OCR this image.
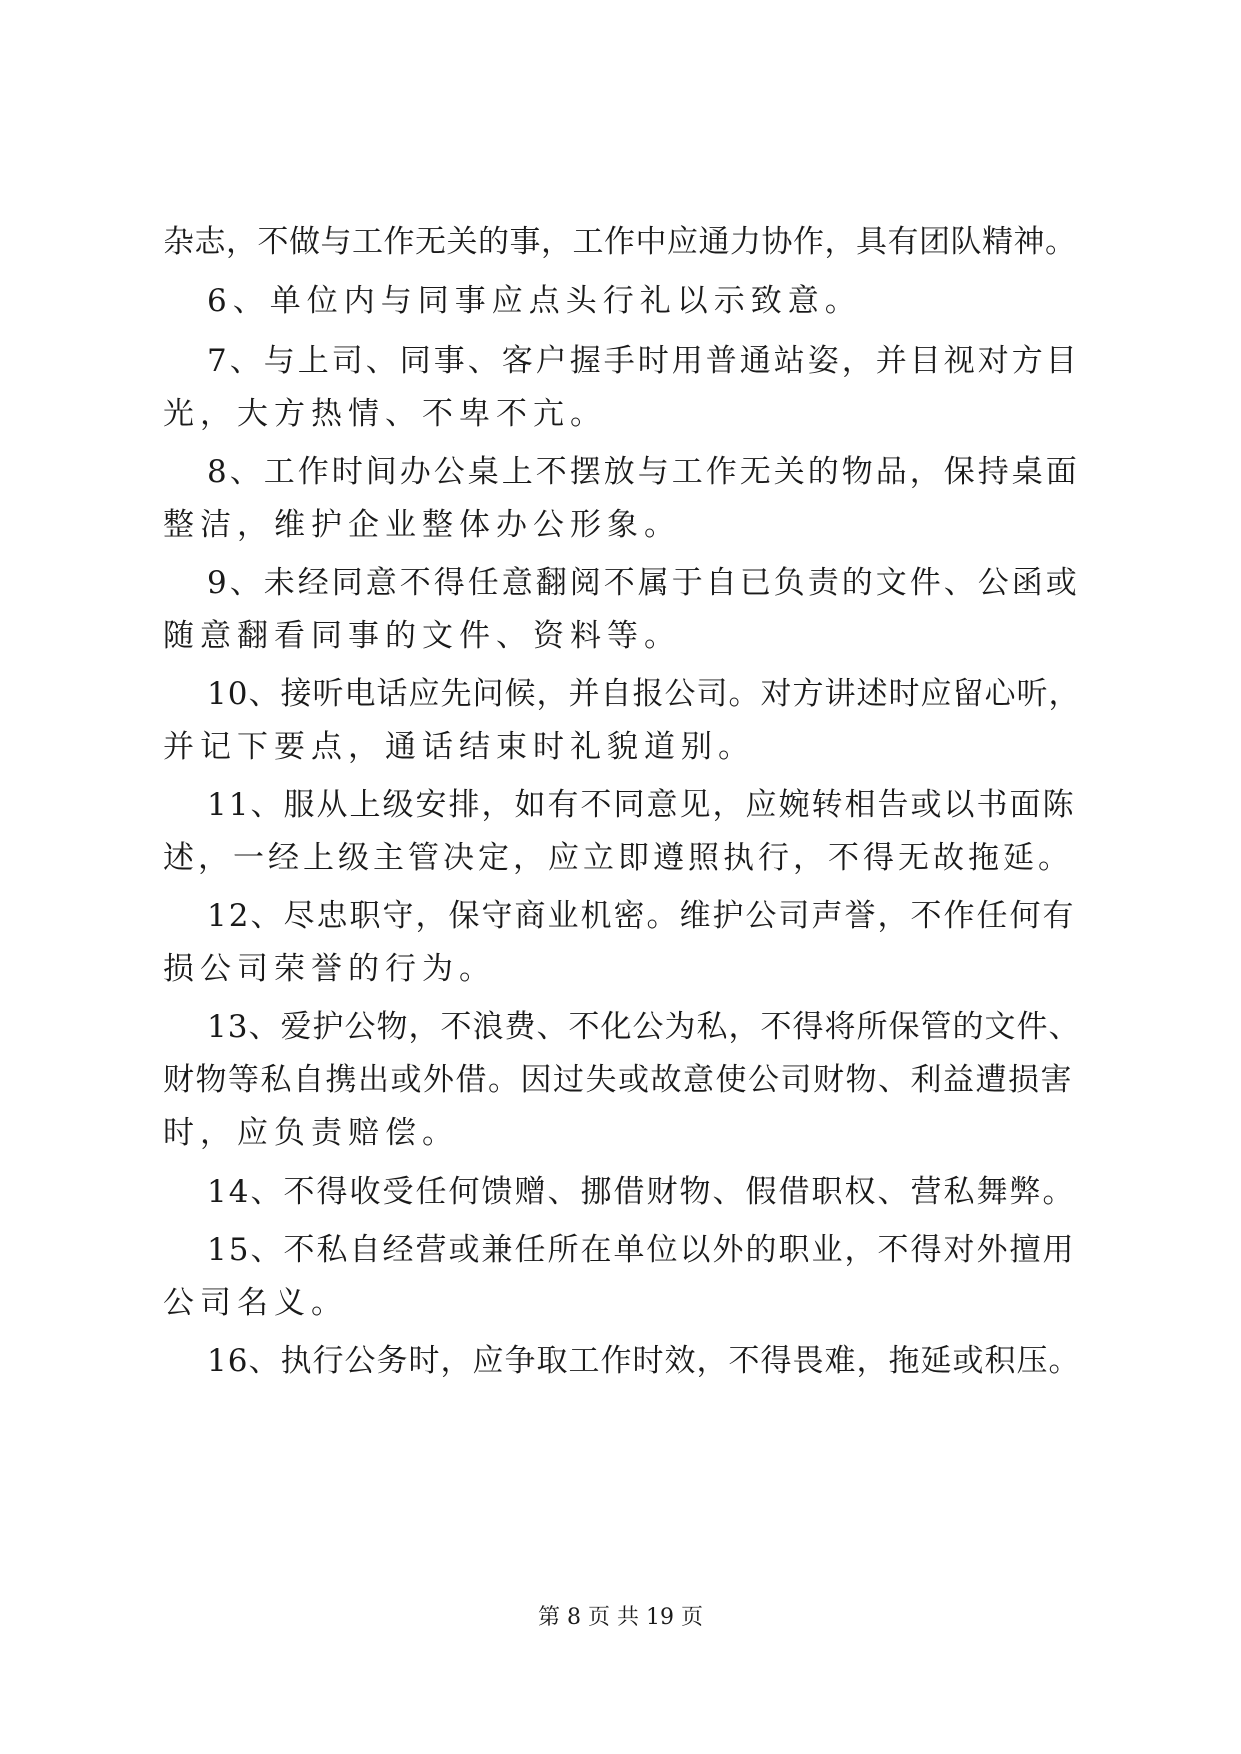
杂志，不做与工作无关的事，工作中应通力协作，具有团队精神。
6、单位内与同事应点头行礼以示致意。
7、与上司、同事、客户握手时用普通站姿，并目视对方目
光，大方热情、不卑不亢。
8、工作时间办公桌上不摆放与工作无关的物品，保持桌面
整洁，维护企业整体办公形象。
9、未经同意不得任意翻阅不属于自已负责的文件、公函或
随意翻看同事的文件、资料等。
10、接听电话应先问候，并自报公司。对方讲述时应留心听，
并记下要点，通话结束时礼貌道别。
11、服从上级安排，如有不同意见，应婉转相告或以书面陈
述，一经上级主管决定，应立即遵照执行，不得无故拖延。
12、尽忠职守，保守商业机密。维护公司声誉，不作任何有
损公司荣誉的行为。
13、爱护公物，不浪费、不化公为私，不得将所保管的文件、
财物等私自携出或外借。因过失或故意使公司财物、利益遭损害
时，应负责赔偿。
14、不得收受任何馈赠、挪借财物、假借职权、营私舞弊。
15、不私自经营或兼任所在单位以外的职业，不得对外擅用
公司名义。
16、执行公务时，应争取工作时效，不得畏难，拖延或积压。
第 8 页 共 19 页
